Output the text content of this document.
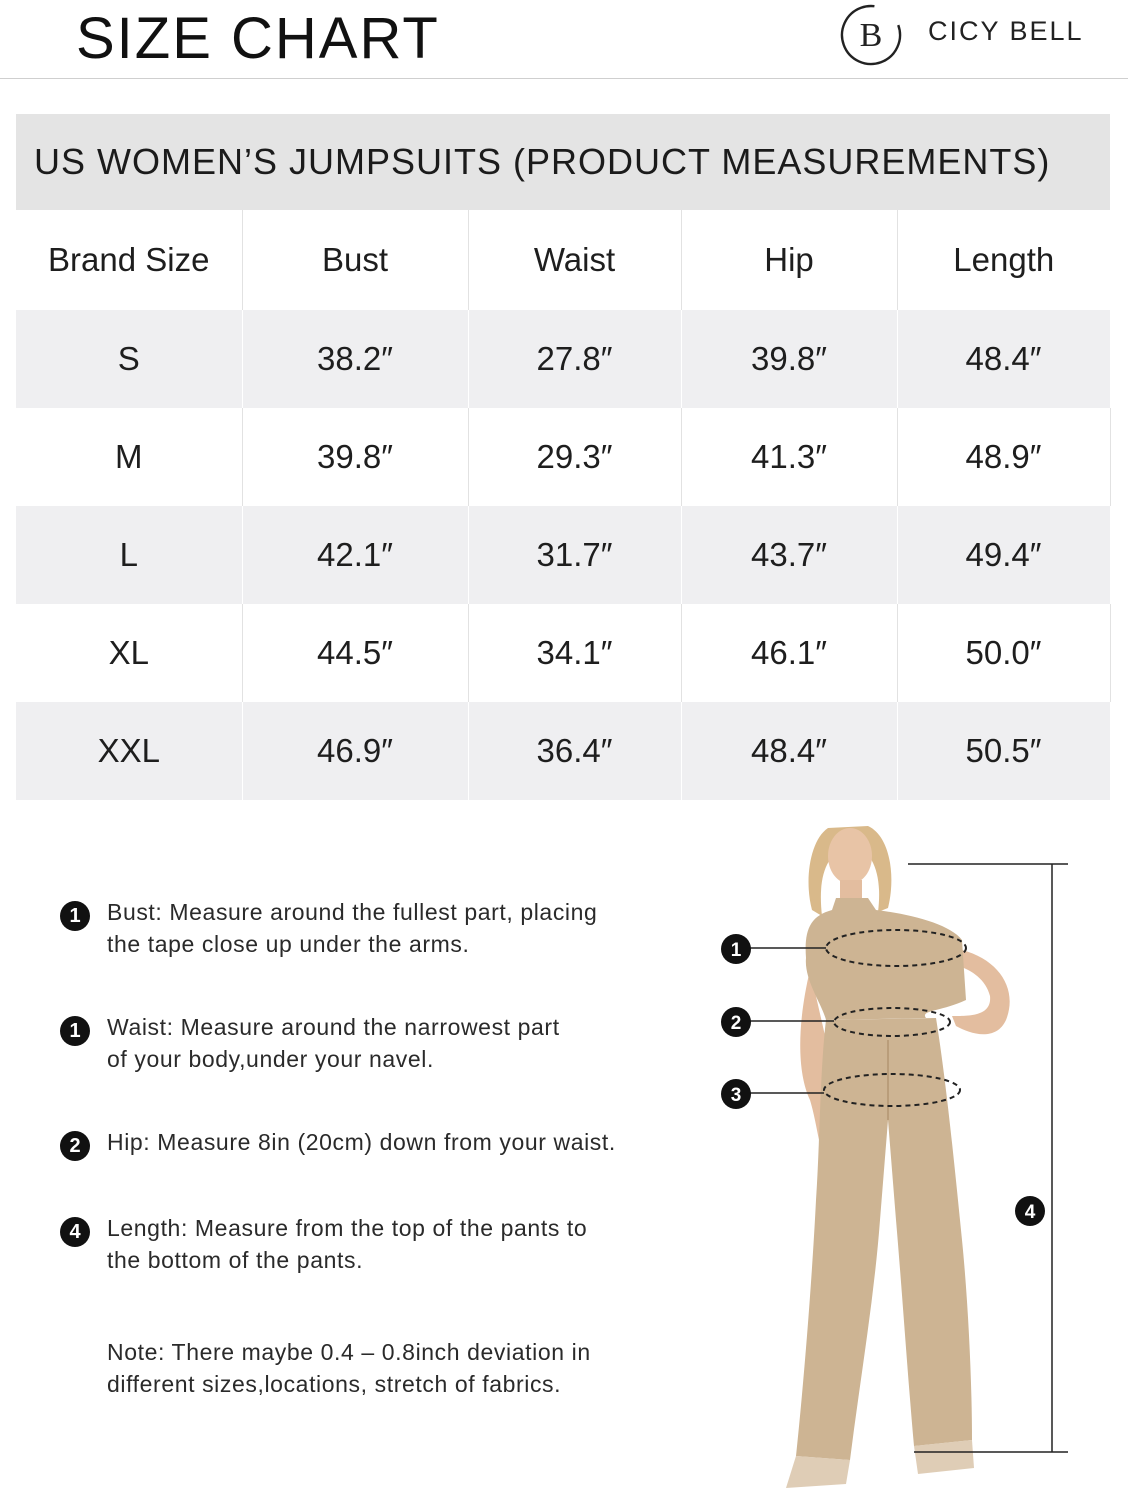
SIZE CHART	B CICY BELL
US WOMEN’S JUMPSUITS (PRODUCT MEASUREMENTS)
Brand Size	Bust	Waist	Hip	Length
S	38.2″	27.8″	39.8″	48.4″
M	39.8″	29.3″	41.3″	48.9″
L	42.1″	31.7″	43.7″	49.4″
XL	44.5″	34.1″	46.1″	50.0″
XXL	46.9″	36.4″	48.4″	50.5″
1	Bust: Measure around the fullest part, placing
the tape close up under the arms.
1	Waist: Measure around the narrowest part
of your body,under your navel.
2	Hip: Measure 8in (20cm) down from your waist.
4	Length: Measure from the top of the pants to
the bottom of the pants.
Note: There maybe 0.4 – 0.8inch deviation in
different sizes,locations, stretch of fabrics.
1
2
3
4
